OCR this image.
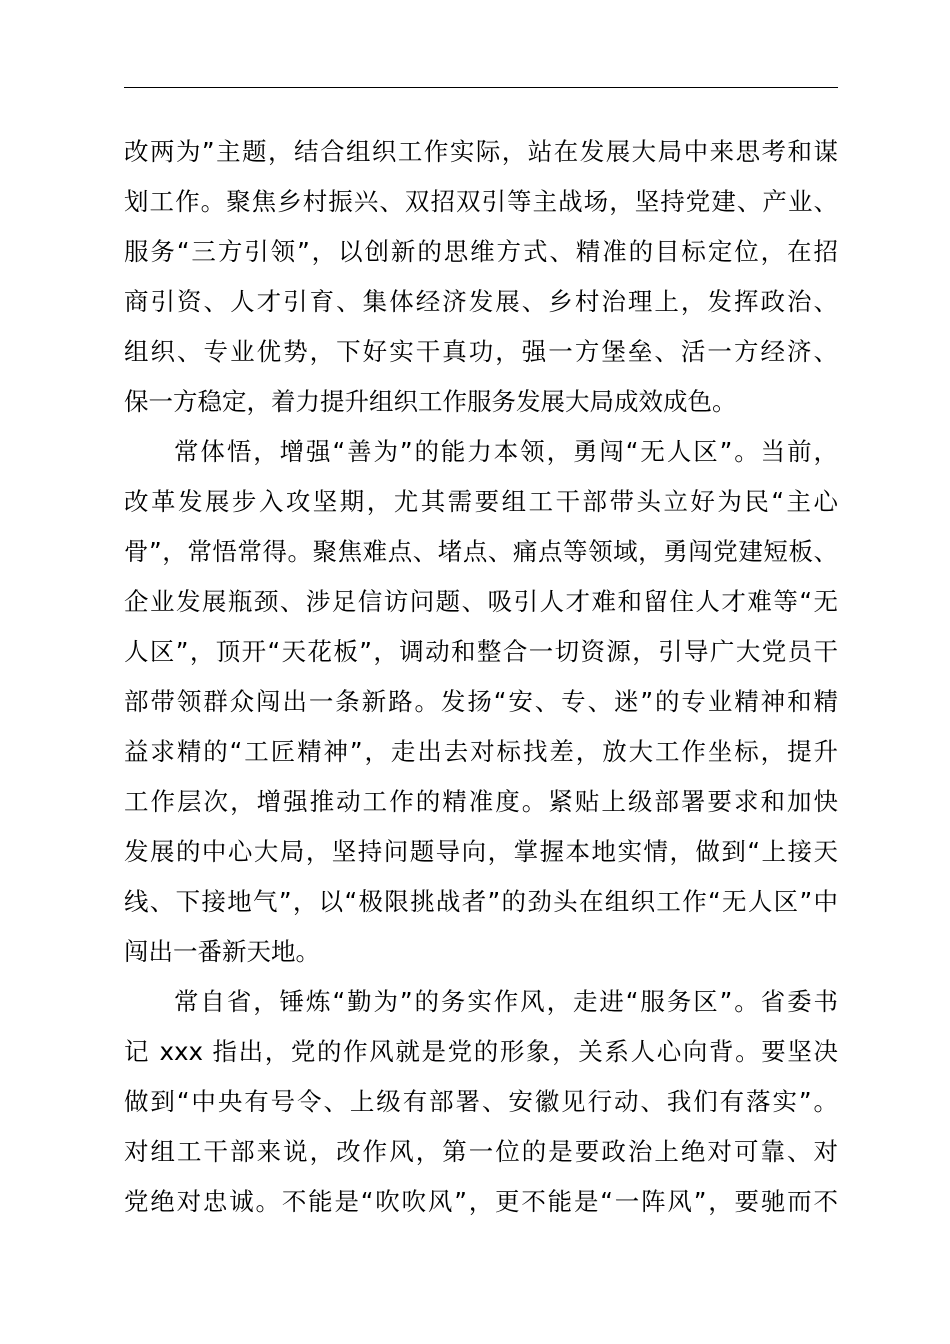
改两为”主题，结合组织工作实际，站在发展大局中来思考和谋
划工作。聚焦乡村振兴、双招双引等主战场，坚持党建、产业、
服务“三方引领”，以创新的思维方式、精准的目标定位，在招
商引资、人才引育、集体经济发展、乡村治理上，发挥政治、
组织、专业优势，下好实干真功，强一方堡垒、活一方经济、
保一方稳定，着力提升组织工作服务发展大局成效成色。
常体悟，增强“善为”的能力本领，勇闯“无人区”。当前，
改革发展步入攻坚期，尤其需要组工干部带头立好为民“主心
骨”，常悟常得。聚焦难点、堵点、痛点等领域，勇闯党建短板、
企业发展瓶颈、涉足信访问题、吸引人才难和留住人才难等“无
人区”，顶开“天花板”，调动和整合一切资源，引导广大党员干
部带领群众闯出一条新路。发扬“安、专、迷”的专业精神和精
益求精的“工匠精神”，走出去对标找差，放大工作坐标，提升
工作层次，增强推动工作的精准度。紧贴上级部署要求和加快
发展的中心大局，坚持问题导向，掌握本地实情，做到“上接天
线、下接地气”，以“极限挑战者”的劲头在组织工作“无人区”中
闯出一番新天地。
常自省，锤炼“勤为”的务实作风，走进“服务区”。省委书
记 xxx 指出，党的作风就是党的形象，关系人心向背。要坚决
做到“中央有号令、上级有部署、安徽见行动、我们有落实”。
对组工干部来说，改作风，第一位的是要政治上绝对可靠、对
党绝对忠诚。不能是“吹吹风”，更不能是“一阵风”，要驰而不
